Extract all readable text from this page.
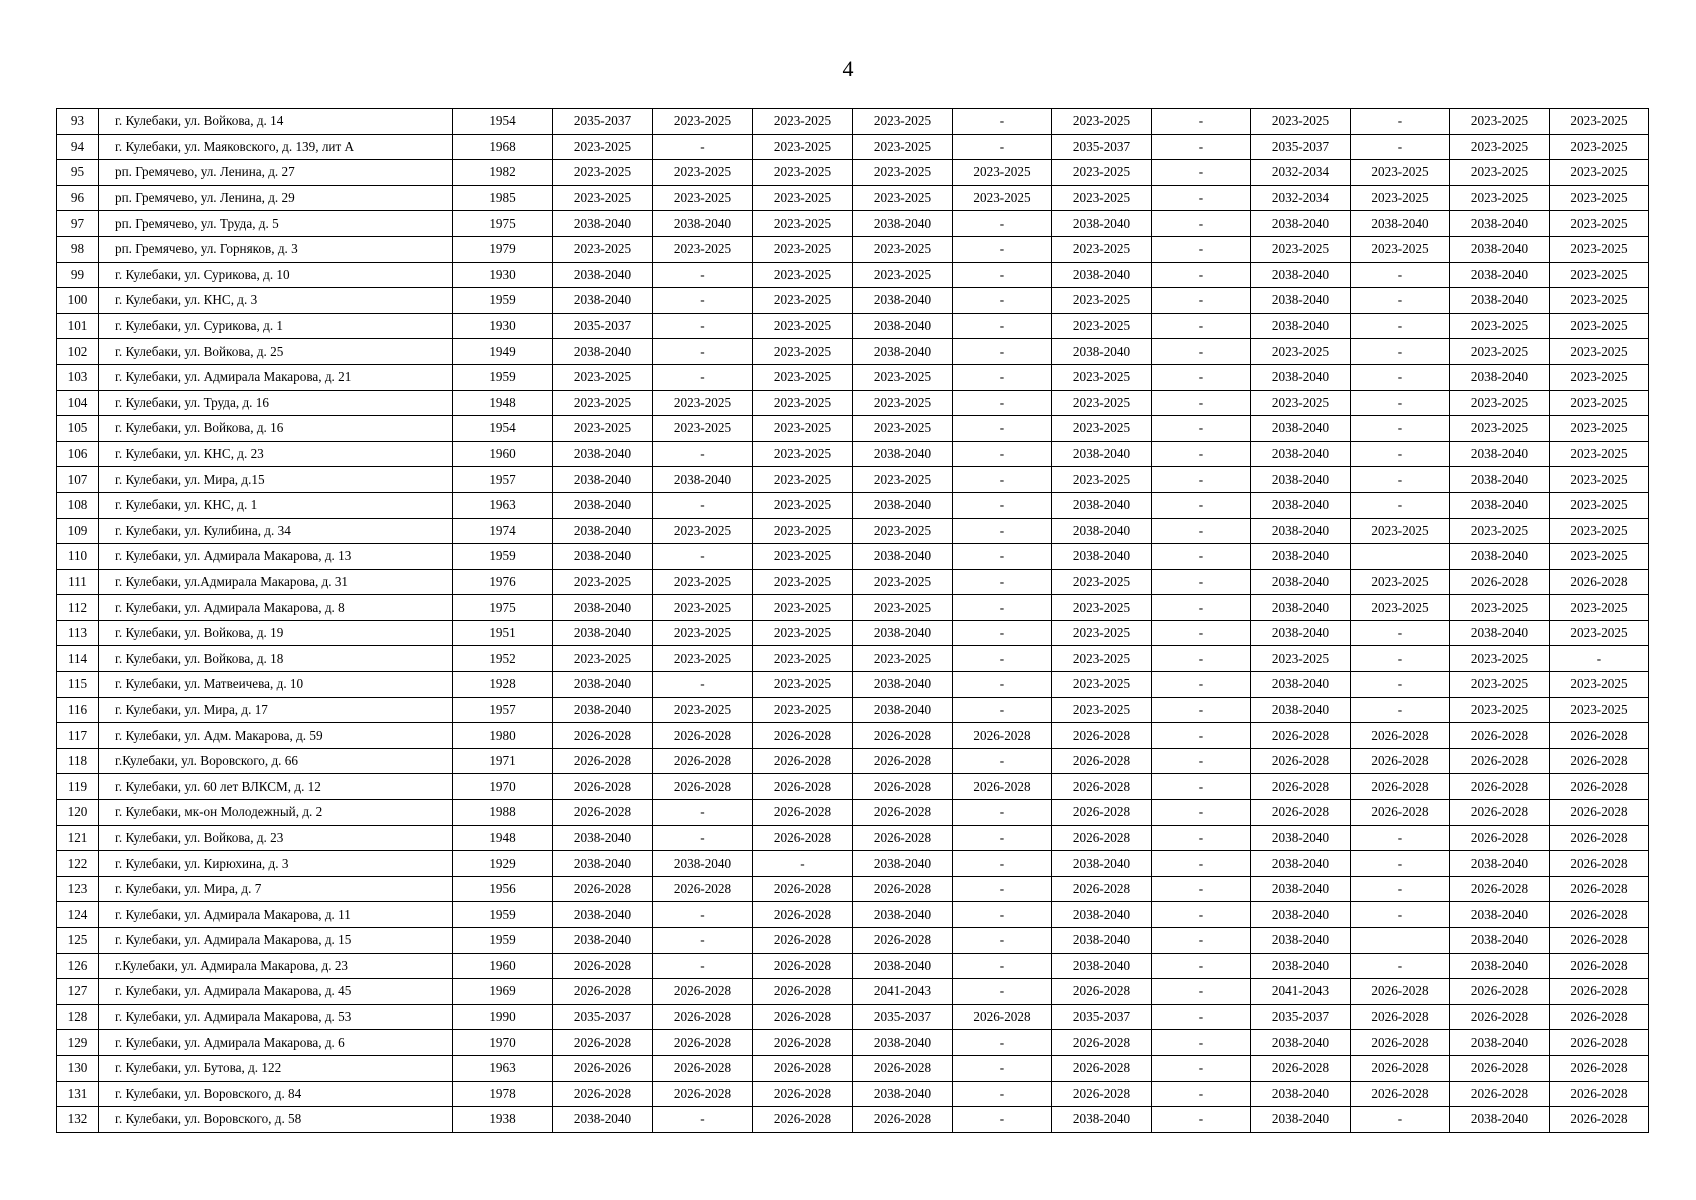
4
93	г. Кулебаки, ул. Войкова, д. 14	1954	2035-2037	2023-2025	2023-2025	2023-2025	-	2023-2025	-	2023-2025	-	2023-2025	2023-2025
94	г. Кулебаки, ул. Маяковского, д. 139, лит А	1968	2023-2025	-	2023-2025	2023-2025	-	2035-2037	-	2035-2037	-	2023-2025	2023-2025
95	рп. Гремячево, ул. Ленина, д. 27	1982	2023-2025	2023-2025	2023-2025	2023-2025	2023-2025	2023-2025	-	2032-2034	2023-2025	2023-2025	2023-2025
96	рп. Гремячево, ул. Ленина, д. 29	1985	2023-2025	2023-2025	2023-2025	2023-2025	2023-2025	2023-2025	-	2032-2034	2023-2025	2023-2025	2023-2025
97	рп. Гремячево, ул. Труда, д. 5	1975	2038-2040	2038-2040	2023-2025	2038-2040	-	2038-2040	-	2038-2040	2038-2040	2038-2040	2023-2025
98	рп. Гремячево, ул. Горняков, д. 3	1979	2023-2025	2023-2025	2023-2025	2023-2025	-	2023-2025	-	2023-2025	2023-2025	2038-2040	2023-2025
99	г. Кулебаки, ул. Сурикова, д. 10	1930	2038-2040	-	2023-2025	2023-2025	-	2038-2040	-	2038-2040	-	2038-2040	2023-2025
100	г. Кулебаки, ул. КНС, д. 3	1959	2038-2040	-	2023-2025	2038-2040	-	2023-2025	-	2038-2040	-	2038-2040	2023-2025
101	г. Кулебаки, ул. Сурикова, д. 1	1930	2035-2037	-	2023-2025	2038-2040	-	2023-2025	-	2038-2040	-	2023-2025	2023-2025
102	г. Кулебаки, ул. Войкова, д. 25	1949	2038-2040	-	2023-2025	2038-2040	-	2038-2040	-	2023-2025	-	2023-2025	2023-2025
103	г. Кулебаки, ул. Адмирала Макарова, д. 21	1959	2023-2025	-	2023-2025	2023-2025	-	2023-2025	-	2038-2040	-	2038-2040	2023-2025
104	г. Кулебаки, ул. Труда, д. 16	1948	2023-2025	2023-2025	2023-2025	2023-2025	-	2023-2025	-	2023-2025	-	2023-2025	2023-2025
105	г. Кулебаки, ул. Войкова, д. 16	1954	2023-2025	2023-2025	2023-2025	2023-2025	-	2023-2025	-	2038-2040	-	2023-2025	2023-2025
106	г. Кулебаки, ул. КНС, д. 23	1960	2038-2040	-	2023-2025	2038-2040	-	2038-2040	-	2038-2040	-	2038-2040	2023-2025
107	г. Кулебаки, ул. Мира, д.15	1957	2038-2040	2038-2040	2023-2025	2023-2025	-	2023-2025	-	2038-2040	-	2038-2040	2023-2025
108	г. Кулебаки, ул. КНС, д. 1	1963	2038-2040	-	2023-2025	2038-2040	-	2038-2040	-	2038-2040	-	2038-2040	2023-2025
109	г. Кулебаки, ул. Кулибина, д. 34	1974	2038-2040	2023-2025	2023-2025	2023-2025	-	2038-2040	-	2038-2040	2023-2025	2023-2025	2023-2025
110	г. Кулебаки, ул. Адмирала Макарова, д. 13	1959	2038-2040	-	2023-2025	2038-2040	-	2038-2040	-	2038-2040		2038-2040	2023-2025
111	г. Кулебаки, ул.Адмирала Макарова, д. 31	1976	2023-2025	2023-2025	2023-2025	2023-2025	-	2023-2025	-	2038-2040	2023-2025	2026-2028	2026-2028
112	г. Кулебаки, ул. Адмирала Макарова, д. 8	1975	2038-2040	2023-2025	2023-2025	2023-2025	-	2023-2025	-	2038-2040	2023-2025	2023-2025	2023-2025
113	г. Кулебаки, ул. Войкова, д. 19	1951	2038-2040	2023-2025	2023-2025	2038-2040	-	2023-2025	-	2038-2040	-	2038-2040	2023-2025
114	г. Кулебаки, ул. Войкова, д. 18	1952	2023-2025	2023-2025	2023-2025	2023-2025	-	2023-2025	-	2023-2025	-	2023-2025	-
115	г. Кулебаки, ул. Матвеичева, д. 10	1928	2038-2040	-	2023-2025	2038-2040	-	2023-2025	-	2038-2040	-	2023-2025	2023-2025
116	г. Кулебаки, ул. Мира, д. 17	1957	2038-2040	2023-2025	2023-2025	2038-2040	-	2023-2025	-	2038-2040	-	2023-2025	2023-2025
117	г. Кулебаки, ул. Адм. Макарова, д. 59	1980	2026-2028	2026-2028	2026-2028	2026-2028	2026-2028	2026-2028	-	2026-2028	2026-2028	2026-2028	2026-2028
118	г.Кулебаки, ул. Воровского, д. 66	1971	2026-2028	2026-2028	2026-2028	2026-2028	-	2026-2028	-	2026-2028	2026-2028	2026-2028	2026-2028
119	г. Кулебаки, ул. 60 лет ВЛКСМ, д. 12	1970	2026-2028	2026-2028	2026-2028	2026-2028	2026-2028	2026-2028	-	2026-2028	2026-2028	2026-2028	2026-2028
120	г. Кулебаки, мк-он Молодежный, д. 2	1988	2026-2028	-	2026-2028	2026-2028	-	2026-2028	-	2026-2028	2026-2028	2026-2028	2026-2028
121	г. Кулебаки, ул. Войкова, д. 23	1948	2038-2040	-	2026-2028	2026-2028	-	2026-2028	-	2038-2040	-	2026-2028	2026-2028
122	г. Кулебаки, ул. Кирюхина, д. 3	1929	2038-2040	2038-2040	-	2038-2040	-	2038-2040	-	2038-2040	-	2038-2040	2026-2028
123	г. Кулебаки, ул. Мира, д. 7	1956	2026-2028	2026-2028	2026-2028	2026-2028	-	2026-2028	-	2038-2040	-	2026-2028	2026-2028
124	г. Кулебаки, ул. Адмирала Макарова, д. 11	1959	2038-2040	-	2026-2028	2038-2040	-	2038-2040	-	2038-2040	-	2038-2040	2026-2028
125	г. Кулебаки, ул. Адмирала Макарова, д. 15	1959	2038-2040	-	2026-2028	2026-2028	-	2038-2040	-	2038-2040		2038-2040	2026-2028
126	г.Кулебаки, ул. Адмирала Макарова, д. 23	1960	2026-2028	-	2026-2028	2038-2040	-	2038-2040	-	2038-2040	-	2038-2040	2026-2028
127	г. Кулебаки, ул. Адмирала Макарова, д. 45	1969	2026-2028	2026-2028	2026-2028	2041-2043	-	2026-2028	-	2041-2043	2026-2028	2026-2028	2026-2028
128	г. Кулебаки, ул. Адмирала Макарова, д. 53	1990	2035-2037	2026-2028	2026-2028	2035-2037	2026-2028	2035-2037	-	2035-2037	2026-2028	2026-2028	2026-2028
129	г. Кулебаки, ул. Адмирала Макарова, д. 6	1970	2026-2028	2026-2028	2026-2028	2038-2040	-	2026-2028	-	2038-2040	2026-2028	2038-2040	2026-2028
130	г. Кулебаки, ул. Бутова, д. 122	1963	2026-2026	2026-2028	2026-2028	2026-2028	-	2026-2028	-	2026-2028	2026-2028	2026-2028	2026-2028
131	г. Кулебаки, ул. Воровского, д. 84	1978	2026-2028	2026-2028	2026-2028	2038-2040	-	2026-2028	-	2038-2040	2026-2028	2026-2028	2026-2028
132	г. Кулебаки, ул. Воровского, д. 58	1938	2038-2040	-	2026-2028	2026-2028	-	2038-2040	-	2038-2040	-	2038-2040	2026-2028
